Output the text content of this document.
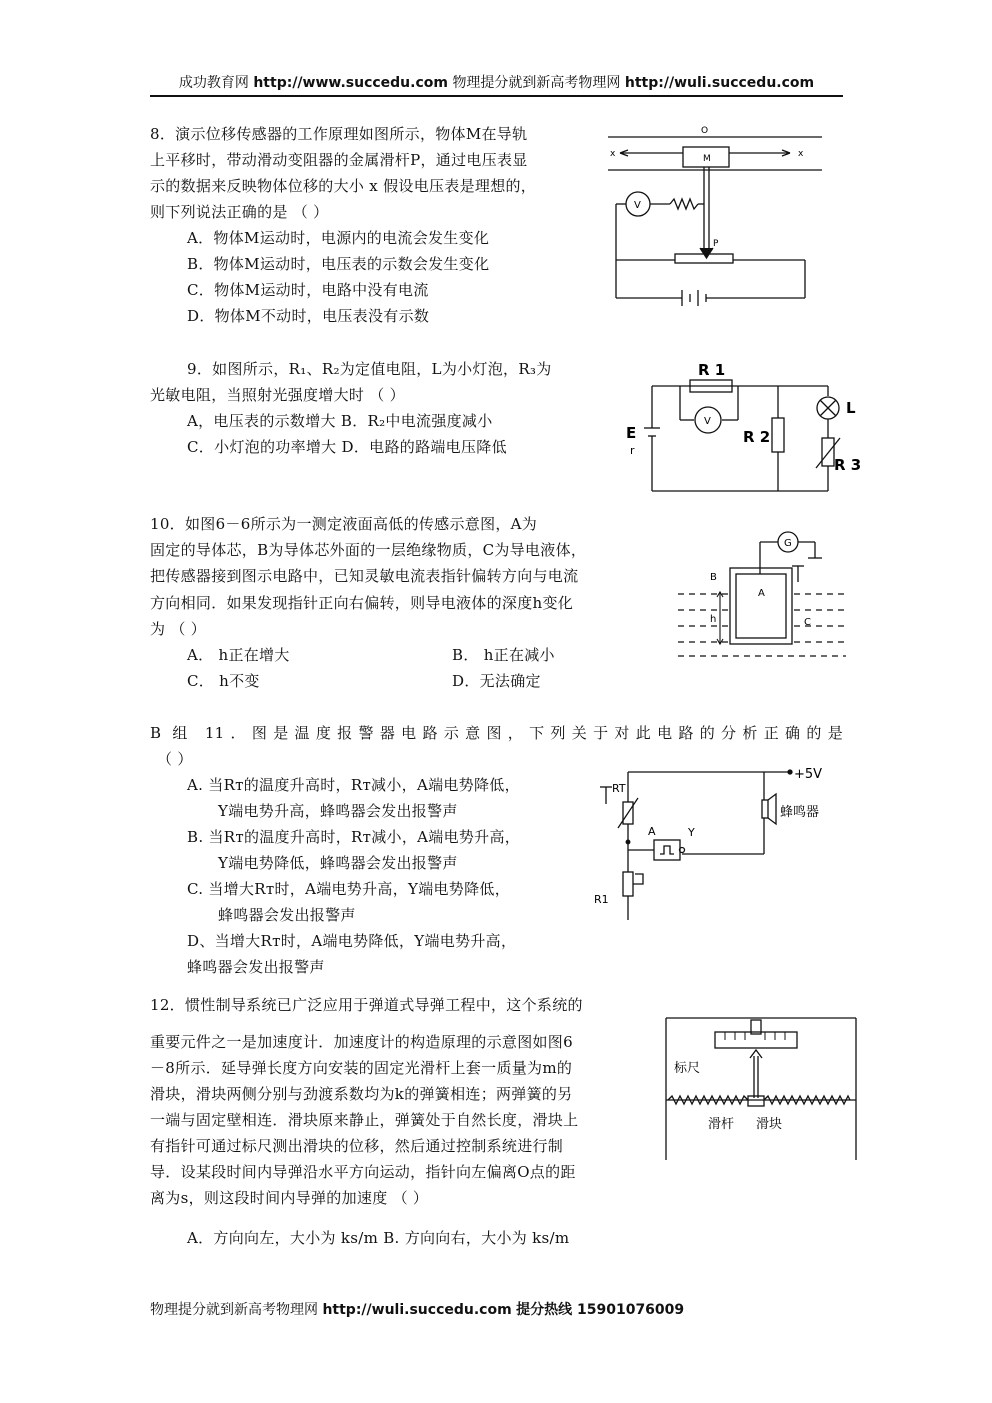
成功教育网 http://www.succedu.com 物理提分就到新高考物理网 http://wuli.succedu.com
8．演示位移传感器的工作原理如图所示，物体M在导轨
上平移时，带动滑动变阻器的金属滑杆P，通过电压表显
示的数据来反映物体位移的大小 x 假设电压表是理想的，
则下列说法正确的是 （ ）
A．物体M运动时，电源内的电流会发生变化
B．物体M运动时，电压表的示数会发生变化
C．物体M运动时，电路中没有电流
D．物体M不动时，电压表没有示数
O
x	x
M
V
P
9．如图所示，R₁、R₂为定值电阻，L为小灯泡，R₃为
光敏电阻，当照射光强度增大时 （ ）
A，电压表的示数增大 B．R₂中电流强度减小
C．小灯泡的功率增大 D．电路的路端电压降低
R 1
V
R 2
L
R 3
E
r
10．如图6－6所示为一测定液面高低的传感示意图，A为
固定的导体芯，B为导体芯外面的一层绝缘物质，C为导电液体，
把传感器接到图示电路中，已知灵敏电流表指针偏转方向与电流
方向相同．如果发现指针正向右偏转，则导电液体的深度h变化
为 （ ）
A． h正在增大	B． h正在减小
C． h不变	D．无法确定
G
A
B
C
h
B 组 11．图是温度报警器电路示意图，下列关于对此电路的分析正确的是
（ ）
A. 当Rᴛ的温度升高时，Rᴛ减小，A端电势降低，
Y端电势升高，蜂鸣器会发出报警声
B. 当Rᴛ的温度升高时，Rᴛ减小，A端电势升高，
Y端电势降低，蜂鸣器会发出报警声
C. 当增大Rᴛ时，A端电势升高，Y端电势降低，
蜂鸣器会发出报警声
D、当增大Rᴛ时，A端电势降低，Y端电势升高，
蜂鸣器会发出报警声
+5V
RT
A	Y
蜂鸣器
R1
12．惯性制导系统已广泛应用于弹道式导弹工程中，这个系统的
重要元件之一是加速度计．加速度计的构造原理的示意图如图6
－8所示．延导弹长度方向安装的固定光滑杆上套一质量为m的
滑块，滑块两侧分别与劲渡系数均为k的弹簧相连；两弹簧的另
一端与固定壁相连．滑块原来静止，弹簧处于自然长度，滑块上
有指针可通过标尺测出滑块的位移，然后通过控制系统进行制
导．设某段时间内导弹沿水平方向运动，指针向左偏离O点的距
离为s，则这段时间内导弹的加速度 （ ）
A．方向向左，大小为 ks/m B. 方向向右，大小为 ks/m
标尺
滑杆 滑块
物理提分就到新高考物理网 http://wuli.succedu.com 提分热线 15901076009
